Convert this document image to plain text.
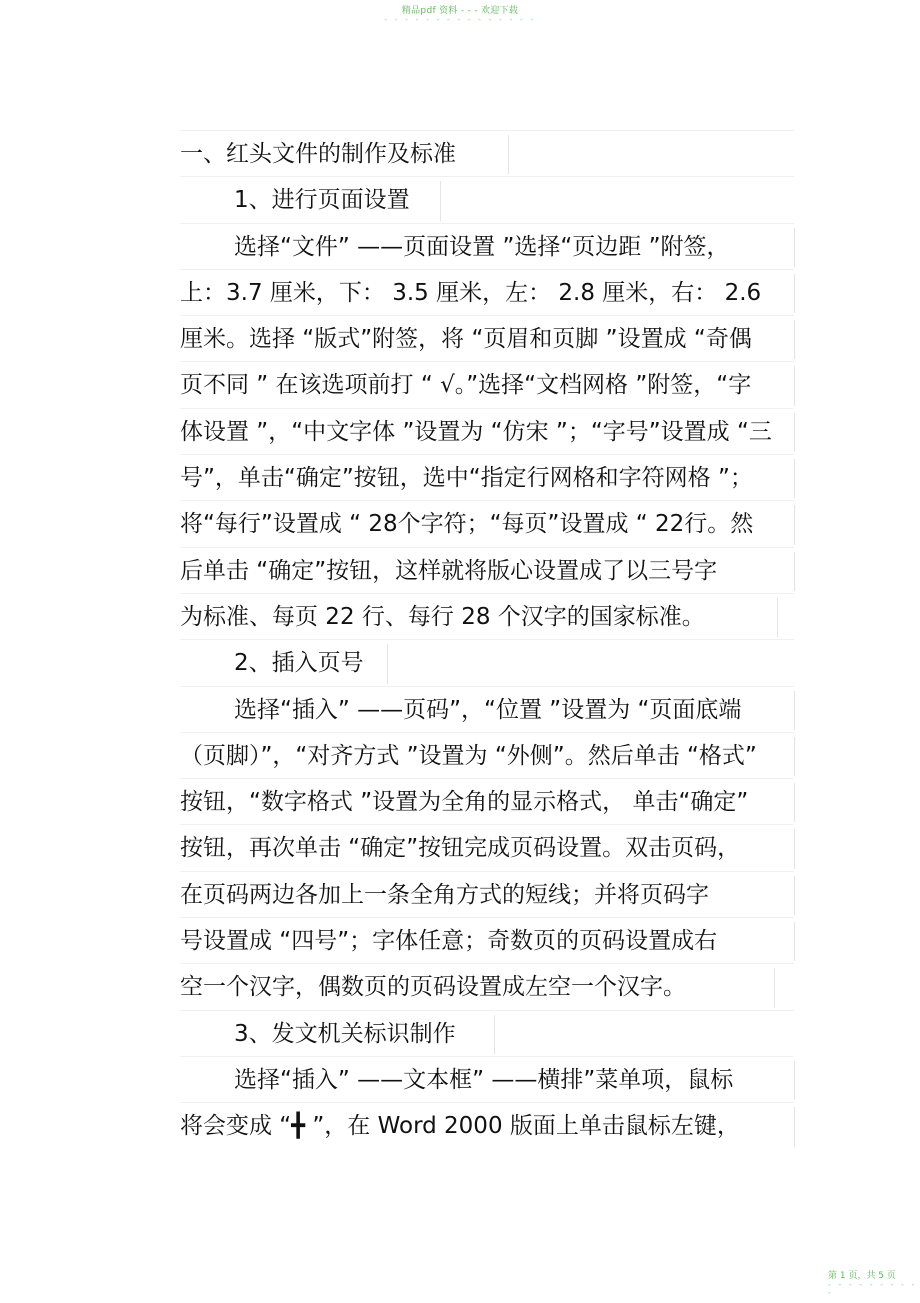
精品pdf 资料 - - - 欢迎下载
- - - - - - - - - - - - - - -
一、红头文件的制作及标准
1、进行页面设置
选择“文件” ——页面设置 ”选择“页边距 ”附签，
上：3.7 厘米，下： 3.5 厘米，左： 2.8 厘米，右： 2.6
厘米。选择 “版式”附签，将 “页眉和页脚 ”设置成 “奇偶
页不同 ” 在该选项前打 “ √。”选择“文档网格 ”附签，“字
体设置 ”，“中文字体 ”设置为 “仿宋 ”；“字号”设置成 “三
号”，单击“确定”按钮，选中“指定行网格和字符网格 ”；
将“每行”设置成 “ 28个字符；“每页”设置成 “ 22行。然
后单击 “确定”按钮，这样就将版心设置成了以三号字
为标准、每页 22 行、每行 28 个汉字的国家标准。
2、插入页号
选择“插入” ——页码”，“位置 ”设置为 “页面底端
（页脚）”，“对齐方式 ”设置为 “外侧”。然后单击 “格式”
按钮，“数字格式 ”设置为全角的显示格式， 单击“确定”
按钮，再次单击 “确定”按钮完成页码设置。双击页码，
在页码两边各加上一条全角方式的短线；并将页码字
号设置成 “四号”；字体任意；奇数页的页码设置成右
空一个汉字，偶数页的页码设置成左空一个汉字。
3、发文机关标识制作
选择“插入” ——文本框” ——横排”菜单项，鼠标
将会变成 “╋ ”，在 Word 2000 版面上单击鼠标左键，
第 1 页，共 5 页
- - - - - - - - - -
